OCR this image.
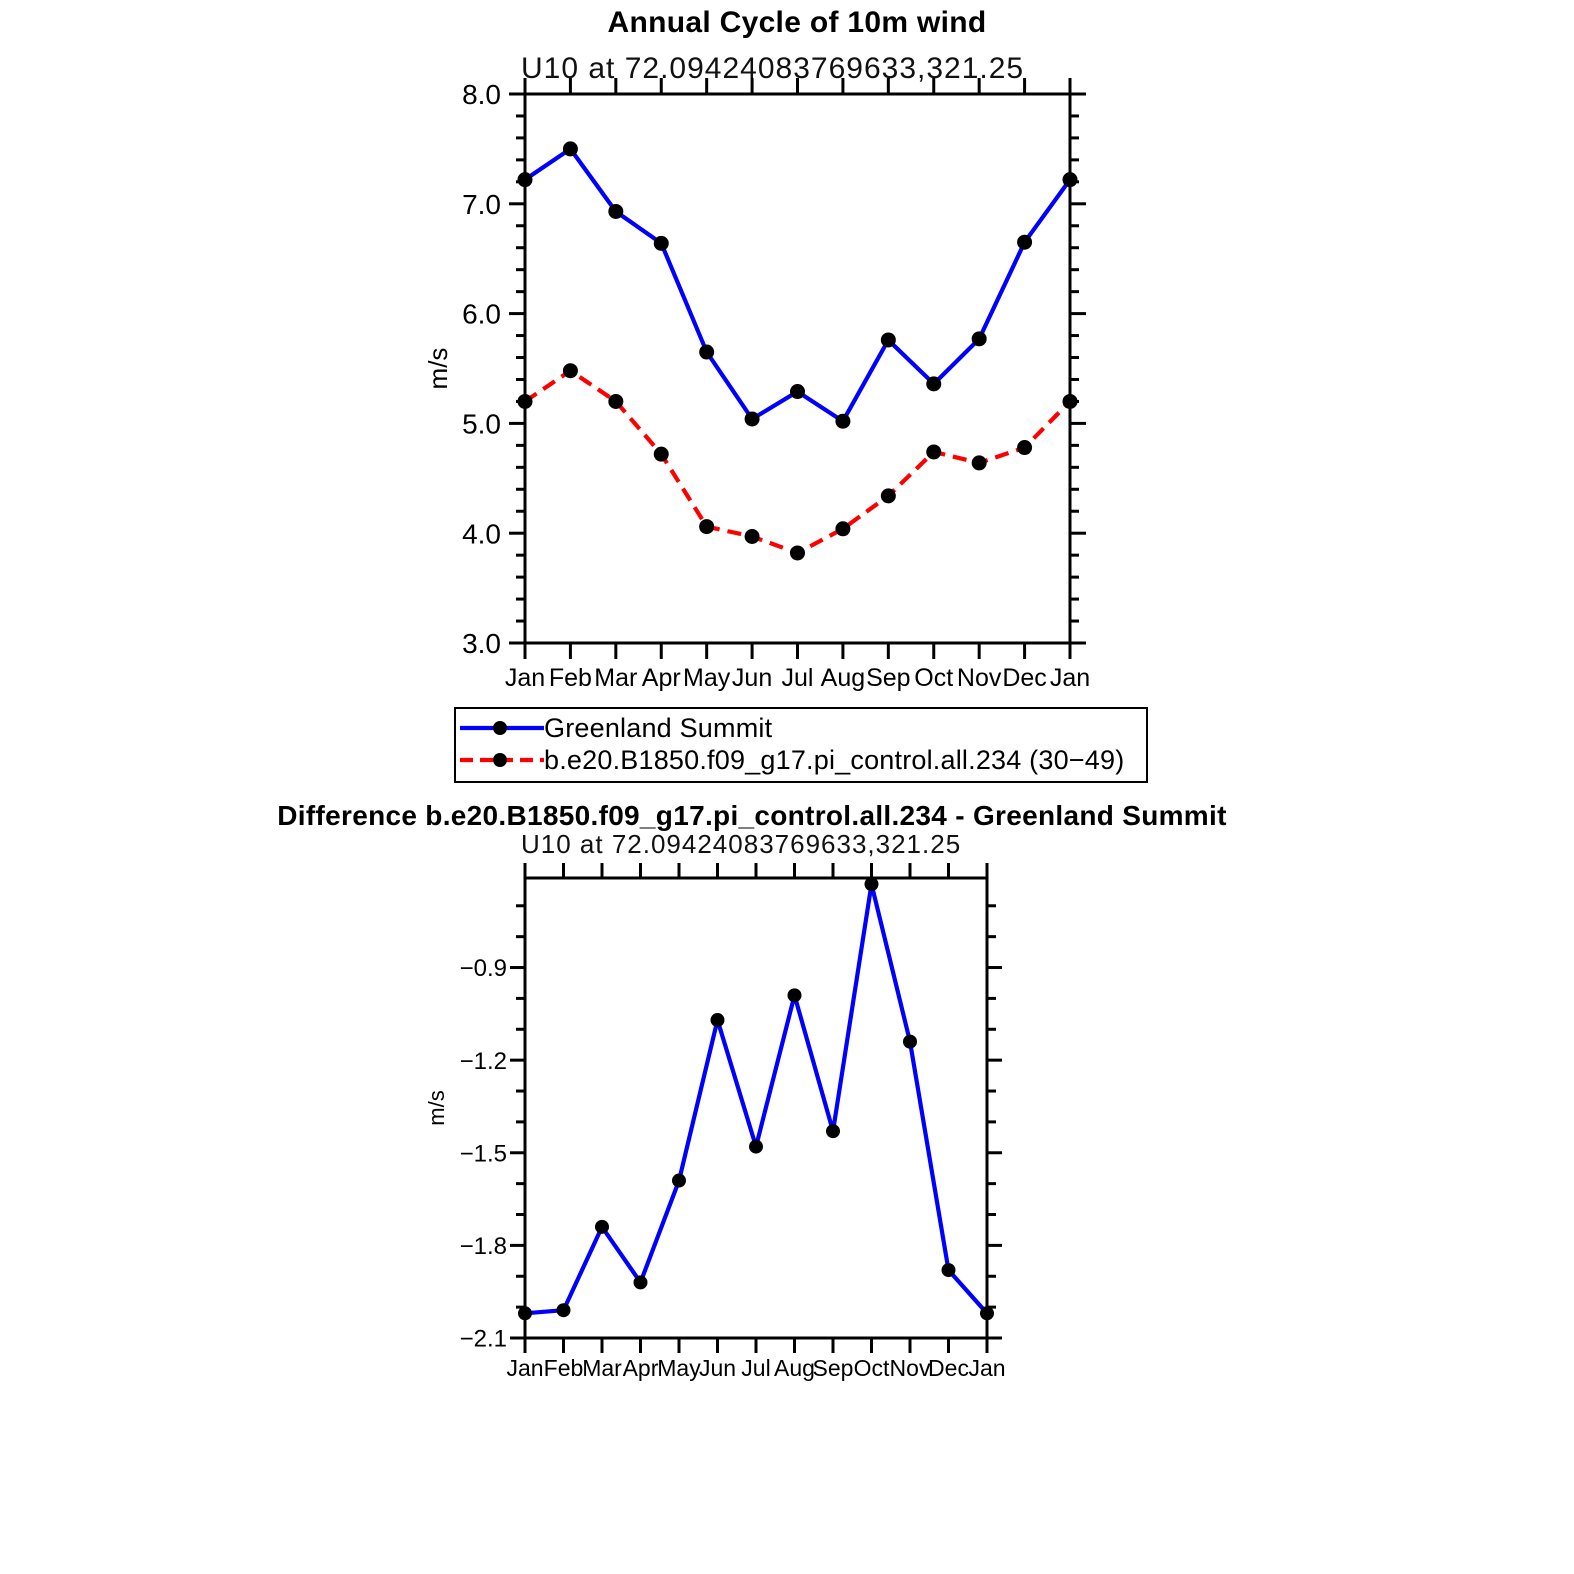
Annual Cycle of 10m wind
U10 at 72.09424083769633,321.25
Jan Feb Mar Apr May Jun Jul Aug Sep Oct Nov Dec Jan
8.0
7.0
6.0
5.0
4.0
3.0
m/s
Greenland Summit
b.e20.B1850.f09_g17.pi_control.all.234 (30−49)
Difference b.e20.B1850.f09_g17.pi_control.all.234 - Greenland Summit
U10 at 72.09424083769633,321.25
Jan Feb
Mar Apr
May
Jun Jul Aug
Sep Oct Nov
Dec Jan
−0.9
−1.2
−1.5
−1.8
−2.1
m/s
